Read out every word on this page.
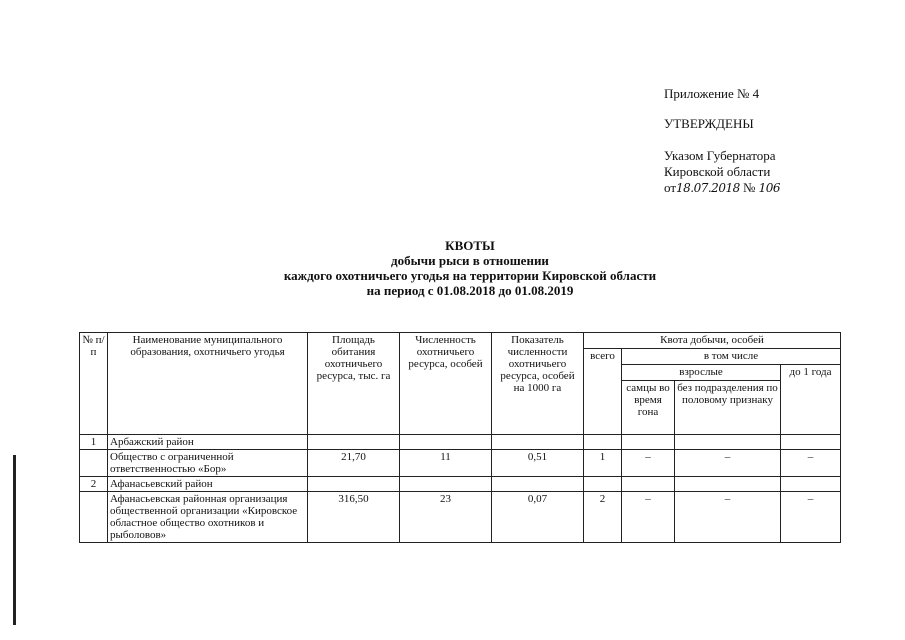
Приложение № 4
УТВЕРЖДЕНЫ
Указом Губернатора
Кировской области
от18.07.2018 № 106
КВОТЫ
добычи рыси в отношении
каждого охотничьего угодья на территории Кировской области
на период с 01.08.2018 до 01.08.2019
№ п/п	Наименование муниципального образования, охотничьего угодья	Площадь обитания охотничьего ресурса, тыс. га	Численность охотничьего ресурса, особей	Показатель численности охотничьего ресурса, особей на 1000 га	Квота добычи, особей			
					всего	в том числе		
						взрослые		до 1 года
						самцы во время гона	без подразделения по половому признаку	
1	Арбажский район							
	Общество с ограниченной ответственностью «Бор»	21,70	11	0,51	1	–	–	–
2	Афанасьевский район							
	Афанасьевская районная организация общественной организации «Кировское областное общество охотников и рыболовов»	316,50	23	0,07	2	–	–	–
